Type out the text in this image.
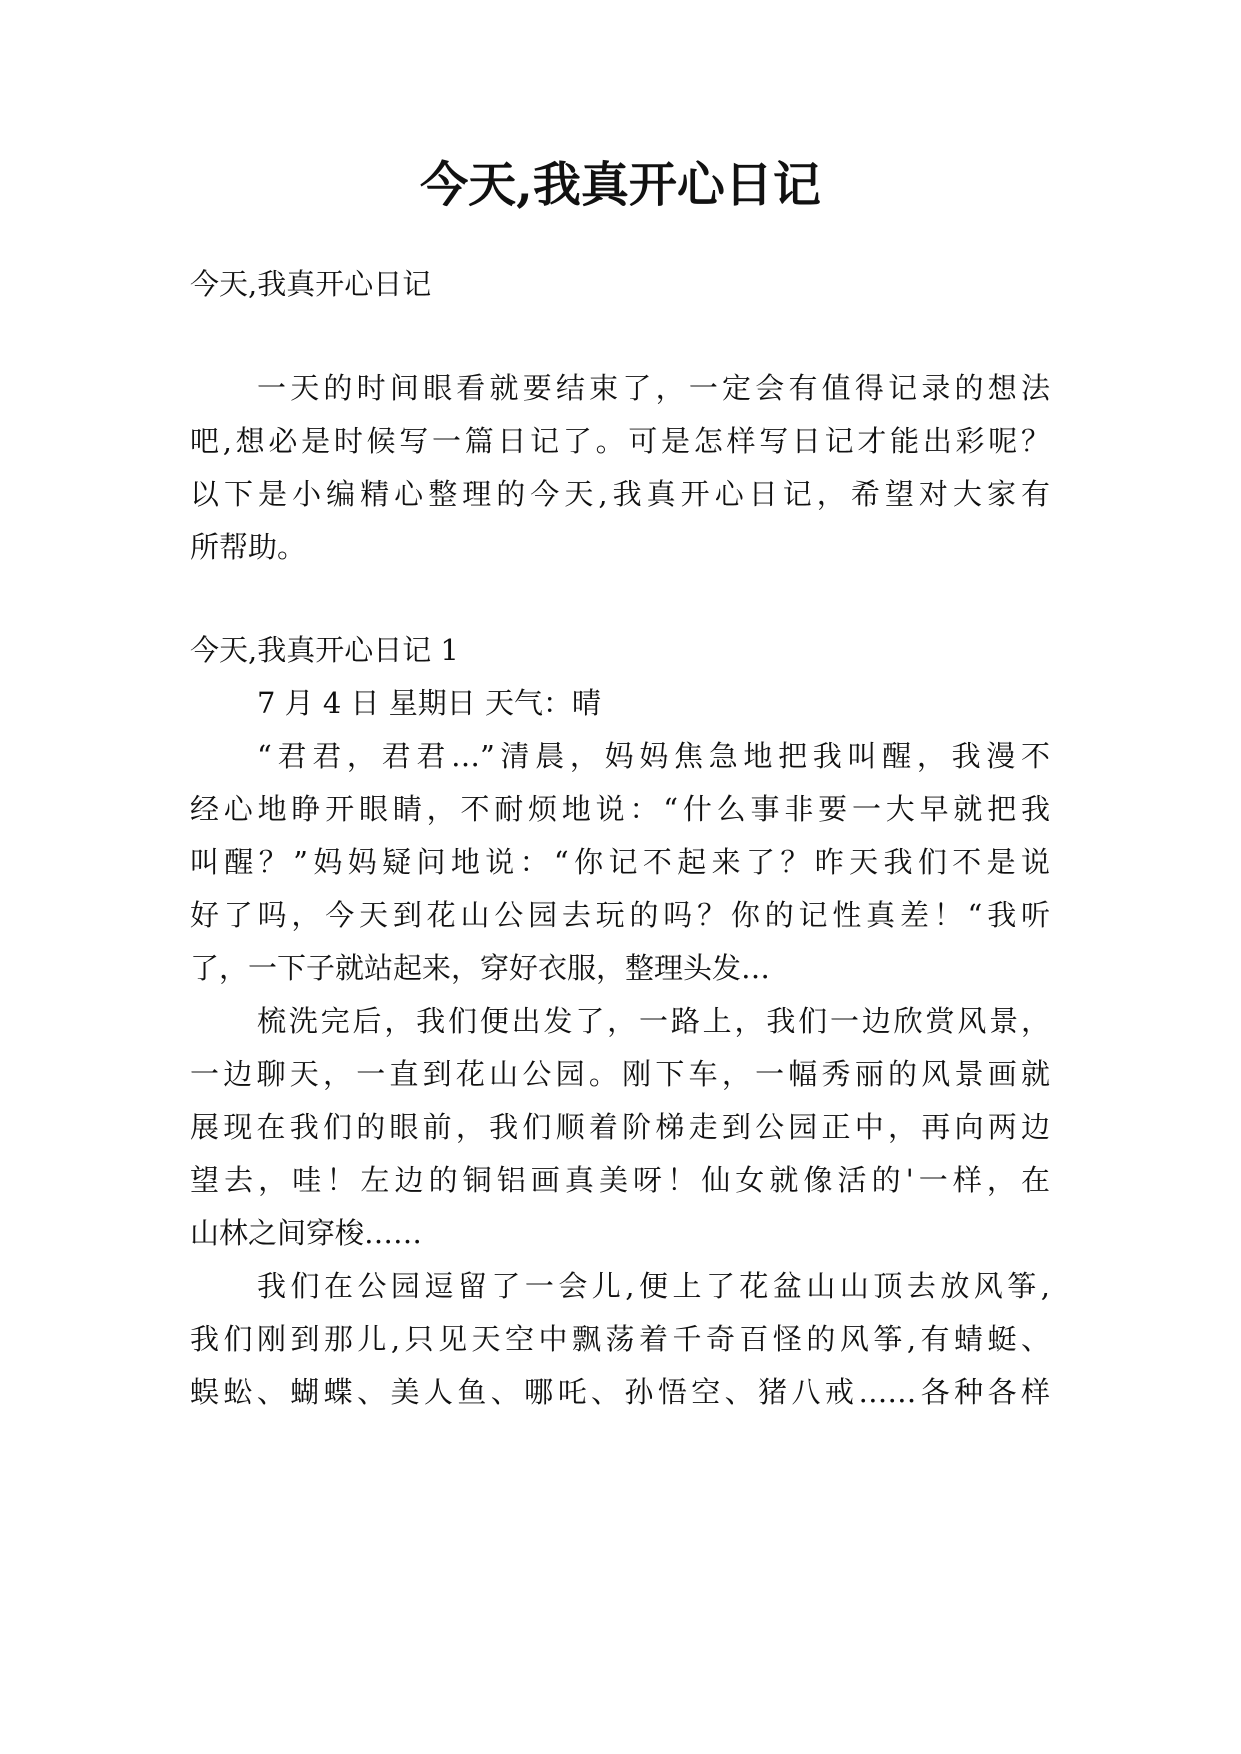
今天,我真开心日记
今天,我真开心日记
一天的时间眼看就要结束了，一定会有值得记录的想法
吧,想必是时候写一篇日记了。可是怎样写日记才能出彩呢？
以下是小编精心整理的今天,我真开心日记，希望对大家有
所帮助。
今天,我真开心日记 1
7 月 4 日 星期日 天气：晴
“君君，君君…”清晨，妈妈焦急地把我叫醒，我漫不
经心地睁开眼睛，不耐烦地说：“什么事非要一大早就把我
叫醒？”妈妈疑问地说：“你记不起来了？昨天我们不是说
好了吗，今天到花山公园去玩的吗？你的记性真差！“我听
了，一下子就站起来，穿好衣服，整理头发…
梳洗完后，我们便出发了，一路上，我们一边欣赏风景，
一边聊天，一直到花山公园。刚下车，一幅秀丽的风景画就
展现在我们的眼前，我们顺着阶梯走到公园正中，再向两边
望去，哇！左边的铜铝画真美呀！仙女就像活的'一样，在
山林之间穿梭……
我们在公园逗留了一会儿,便上了花盆山山顶去放风筝,
我们刚到那儿,只见天空中飘荡着千奇百怪的风筝,有蜻蜓、
蜈蚣、蝴蝶、美人鱼、哪吒、孙悟空、猪八戒……各种各样
